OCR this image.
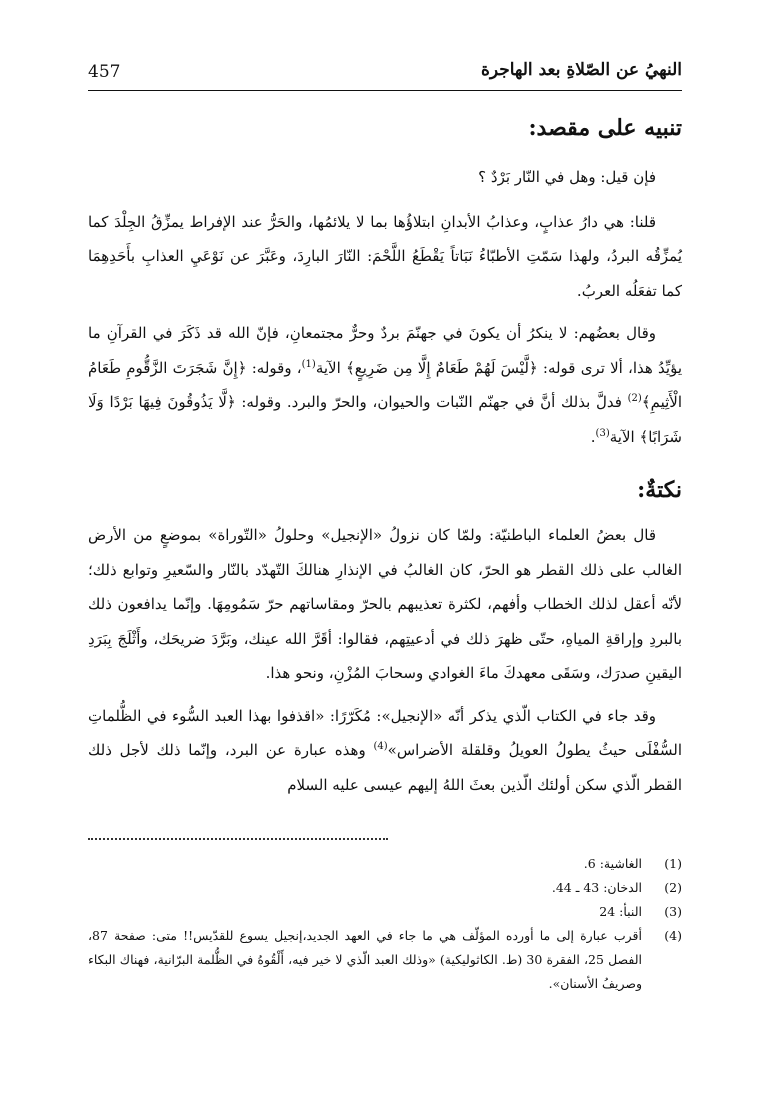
457	النهيُ عن الصّلاةِ بعد الهاجرة
تنبيه على مقصد:

فإن قيل: وهل في النّار بَرْدٌ ؟

قلنا: هي دارُ عذابٍ، وعذابُ الأبدانِ ابتلاؤُها بما لا يلائمُها، والحَرُّ عند الإفراط يمزِّقُ الجِلْدَ كما يُمزِّقُه البردُ، ولهذا سَمّتِ الأطبّاءُ نَبَاتاً يَقْطَعُ اللَّحْمَ: النّارَ البارِدَ، وعَبَّرَ عن نَوْعَيِ العذابِ بأَحَدِهِمَا كما تفعَلُه العربُ.

وقال بعضُهم: لا ينكرُ أن يكونَ في جهنّمَ بردٌ وحرٌّ مجتمعانِ، فإنّ الله قد ذَكَرَ في القرآنِ ما يؤيِّدُ هذا، ألا ترى قوله: ﴿لَّيْسَ لَهُمْ طَعَامٌ إِلَّا مِن ضَرِيعٍ﴾ الآية$^{(1)}$، وقوله: ﴿إِنَّ شَجَرَتَ الزَّقُّومِ طَعَامُ الْأَثِيمِ﴾$^{(2)}$ فدلَّ بذلك أنَّ في جهنّم النّبات والحيوان، والحرّ والبرد. وقوله: ﴿لَّا يَذُوقُونَ فِيهَا بَرْدًا وَلَا شَرَابًا﴾ الآية$^{(3)}$.

نكتةٌ:

قال بعضُ العلماء الباطنيّة: ولمّا كان نزولُ «الإنجيل» وحلولُ «التّوراة» بموضعٍ من الأرض الغالب على ذلك القطر هو الحرّ، كان الغالبُ في الإنذارِ هنالكَ التّهدّد بالنّار والسّعيرِ وتوابع ذلك؛ لأنّه أعقل لذلك الخطاب وأفهم، لكثرة تعذيبهم بالحرّ ومقاساتهم حرّ سَمُومِهَا. وإنّما يدافعون ذلك بالبردِ وإراقةِ المياهِ، حتّى ظهرَ ذلك في أدعيتِهم، فقالوا: أقَرَّ الله عينك، وبَرَّدَ ضريحَك، وأَثْلَجَ بِبَرَدِ اليقينِ صدرَك، وسَقَى معهدكَ ماءَ الغوادي وسحابَ المُزْنِ، ونحو هذا.

وقد جاء في الكتاب الّذي يذكر أنّه «الإنجيل»: مُكَرّرًا: «اقذفوا بهذا العبد السُّوء في الظُّلماتِ السُّفْلَى حيثُ يطولُ العويلُ وقلقلة الأضراس»$^{(4)}$ وهذه عبارة عن البرد، وإنّما ذلك لأجل ذلك القطر الّذي سكن أولئك الّذين بعثَ اللهُ إليهم عيسى عليه السلام

(1)
الغاشية: 6.
(2)
الدخان: 43 ـ 44.
(3)
النبأ: 24
(4)
أقرب عبارة إلى ما أورده المؤلّف هي ما جاء في العهد الجديد،إنجيل يسوع للقدّيس!! متى: صفحة 87، الفصل 25، الفقرة 30 (ط. الكاثوليكية) «وذلك العبد الّذي لا خير فيه، أَلْقُوهُ في الظُّلمة البرّانية، فهناك البكاء وصريفُ الأسنان».
